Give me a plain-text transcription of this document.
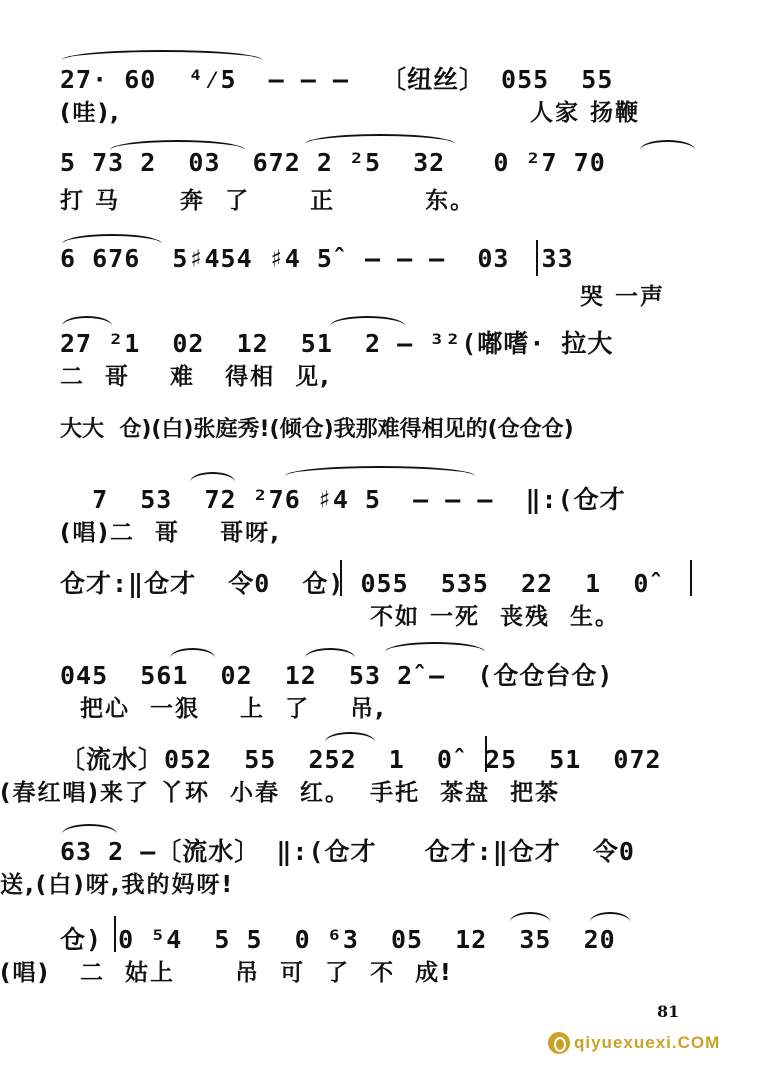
27· 60  ⁴⁄5  — — —  〔纽丝〕 055  55
(哇),	人家 扬鞭
5 73 2  03  672 2 ²5  32   0 ²7 70
打 马      奔  了      正         东。
6 676  5♯454 ♯4 5̂  — — —  03  33
哭 一声
27 ²1  02  12  51  2 — ³²(嘟嗜· 拉大
二  哥    难   得相  见,
大大  仓)(白)张庭秀!(倾仓)我那难得相见的(仓仓仓)
7  53  72 ²76 ♯4 5  — — —  ‖:(仓才
(唱)二  哥    哥呀,
仓才:‖仓才  令0  仓) 055  535  22  1  0̂
不如 一死  丧残  生。
045  561  02  12  53 2̂ —  (仓仓台仓)
把心  一狠    上  了    吊,
〔流水〕052  55  252  1  0̂  25  51  072
(春红唱)来了 丫环  小春  红。  手托  茶盘  把茶
63 2 —〔流水〕 ‖:(仓才   仓才:‖仓才  令0
送,(白)呀,我的妈呀!
仓) 0 ⁵4  5 5  0 ⁶3  05  12  35  20
(唱)   二  姑上      吊  可  了  不  成!
81
qiyuexuexi.COM
